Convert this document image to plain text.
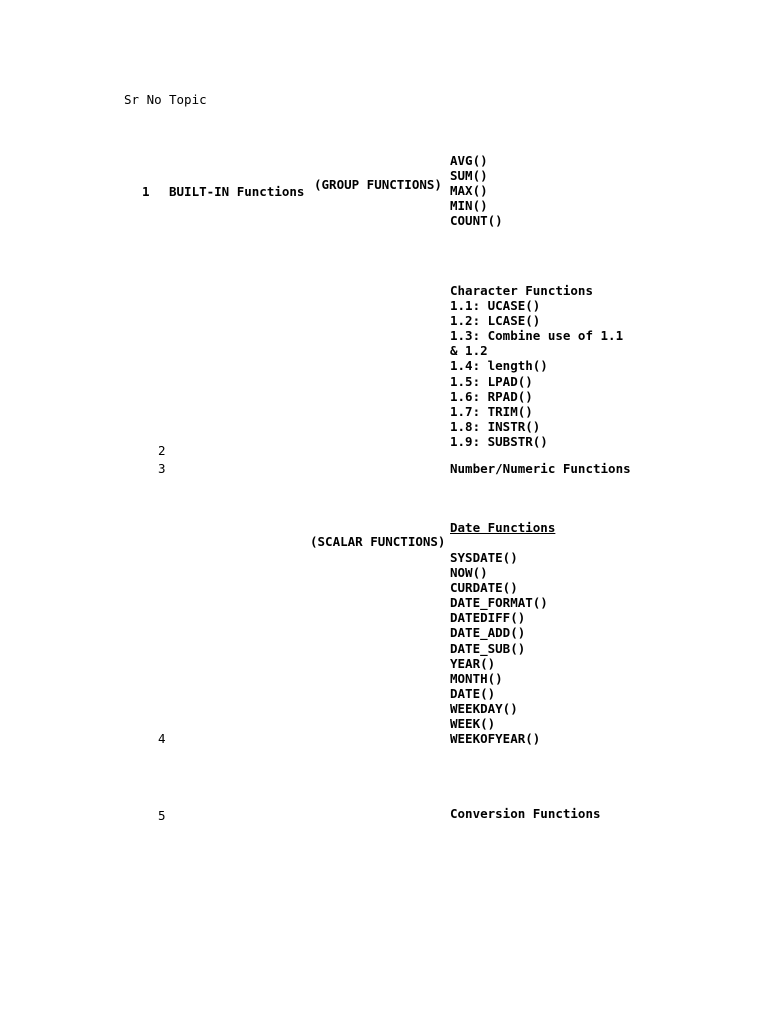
Sr No Topic
1 BUILT-IN Functions (GROUP FUNCTIONS)
AVG()
SUM()
MAX()
MIN()
COUNT()
Character Functions
1.1: UCASE()
1.2: LCASE()
1.3: Combine use of 1.1
& 1.2
1.4: length()
1.5: LPAD()
1.6: RPAD()
1.7: TRIM()
1.8: INSTR()
1.9: SUBSTR()
2
3	Number/Numeric Functions
Date Functions
(SCALAR FUNCTIONS)
SYSDATE()
NOW()
CURDATE()
DATE_FORMAT()
DATEDIFF()
DATE_ADD()
DATE_SUB()
YEAR()
MONTH()
DATE()
WEEKDAY()
WEEK()
WEEKOFYEAR()
4
5	Conversion Functions
